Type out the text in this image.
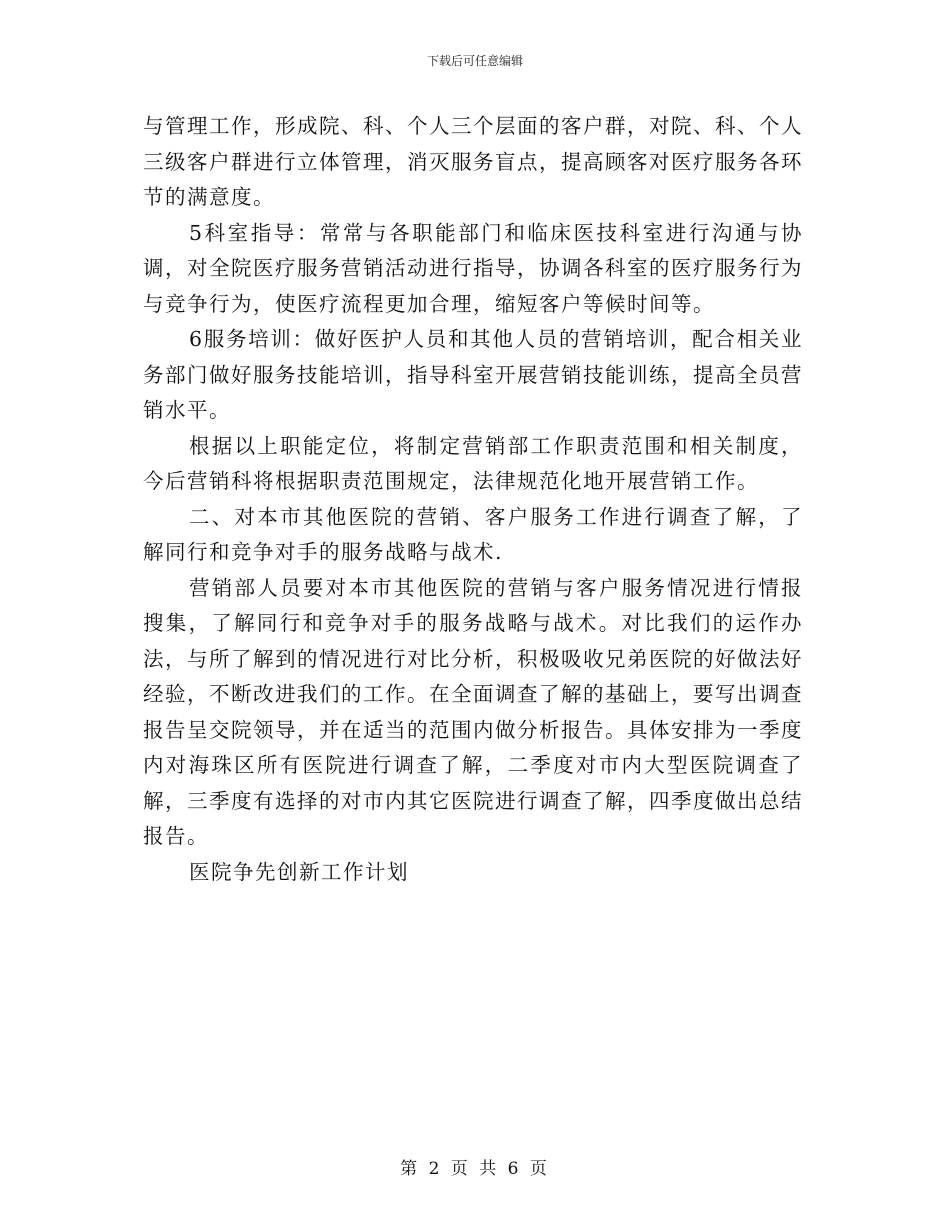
下载后可任意编辑

与管理工作，形成院、科、个人三个层面的客户群，对院、科、个人三级客户群进行立体管理，消灭服务盲点，提高顾客对医疗服务各环节的满意度。

5科室指导：常常与各职能部门和临床医技科室进行沟通与协调，对全院医疗服务营销活动进行指导，协调各科室的医疗服务行为与竞争行为，使医疗流程更加合理，缩短客户等候时间等。

6服务培训：做好医护人员和其他人员的营销培训，配合相关业务部门做好服务技能培训，指导科室开展营销技能训练，提高全员营销水平。

根据以上职能定位，将制定营销部工作职责范围和相关制度，今后营销科将根据职责范围规定，法律规范化地开展营销工作。

二、对本市其他医院的营销、客户服务工作进行调查了解，了解同行和竞争对手的服务战略与战术.

营销部人员要对本市其他医院的营销与客户服务情况进行情报搜集，了解同行和竞争对手的服务战略与战术。对比我们的运作办法，与所了解到的情况进行对比分析，积极吸收兄弟医院的好做法好经验，不断改进我们的工作。在全面调查了解的基础上，要写出调查报告呈交院领导，并在适当的范围内做分析报告。具体安排为一季度内对海珠区所有医院进行调查了解，二季度对市内大型医院调查了解，三季度有选择的对市内其它医院进行调查了解，四季度做出总结报告。

医院争先创新工作计划

第 2 页 共 6 页
